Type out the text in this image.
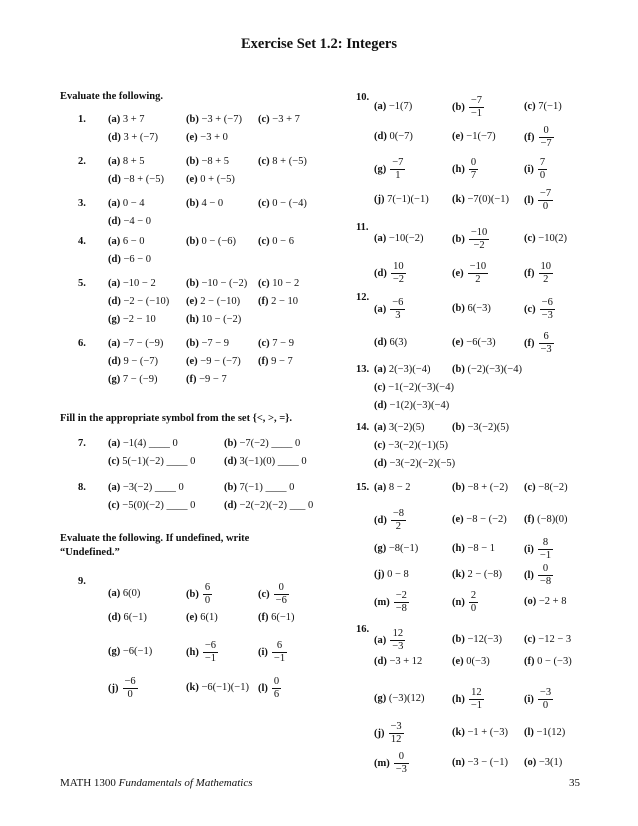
Exercise Set 1.2: Integers
Evaluate the following.
Fill in the appropriate symbol from the set {<, >, =}.
Evaluate the following. If undefined, write
“Undefined.”
1. (a) 3 + 7	(b) −3 + (−7) (c) −3 + 7
(d) 3 + (−7)	(e) −3 + 0
2. (a) 8 + 5	(b) −8 + 5	(c) 8 + (−5)
(d) −8 + (−5) (e) 0 + (−5)
3. (a) 0 − 4	(b) 4 − 0	(c) 0 − (−4)
(d) −4 − 0
4. (a) 6 − 0	(b) 0 − (−6) (c) 0 − 6
(d) −6 − 0
5. (a) −10 − 2	(b) −10 − (−2) (c) 10 − 2
(d) −2 − (−10) (e) 2 − (−10) (f) 2 − 10
(g) −2 − 10	(h) 10 − (−2)
6. (a) −7 − (−9) (b) −7 − 9	(c) 7 − 9
(d) 9 − (−7)	(e) −9 − (−7) (f) 9 − 7
(g) 7 − (−9)	(f) −9 − 7
7. (a) −1(4) ____ 0	(b) −7(−2) ____ 0
(c) 5(−1)(−2) ____ 0	(d) 3(−1)(0) ____ 0
8. (a) −3(−2) ____ 0	(b) 7(−1) ____ 0
(c) −5(0)(−2) ____ 0	(d) −2(−2)(−2) ___ 0
9.
(a) 6(0)	$(b) \frac{6}{0}$	$(c) \frac{0}{-6}$
(d) 6(−1)	(e) 6(1)	(f) 6(−1)
(g) −6(−1)	$(h) \frac{-6}{-1}$	$(i) \frac{6}{-1}$
$(j) \frac{-6}{0}$	(k) −6(−1)(−1) $(l) \frac{0}{6}$
10.
(a) −1(7)	$(b) \frac{-7}{-1}$	(c) 7(−1)
(d) 0(−7)	(e) −1(−7)	$(f) \frac{0}{-7}$
$(g) \frac{-7}{1}$	$(h) \frac{0}{7}$	$(i) \frac{7}{0}$
(j) 7(−1)(−1) (k) −7(0)(−1) $(l) \frac{-7}{0}$
11.
(a) −10(−2)	$(b) \frac{-10}{-2}$	(c) −10(2)
$(d) \frac{10}{-2}$	$(e) \frac{-10}{2}$	$(f) \frac{10}{2}$
12.
$(a) \frac{-6}{3}$	(b) 6(−3)	$(c) \frac{-6}{-3}$
(d) 6(3)	(e) −6(−3)	$(f) \frac{6}{-3}$
13. (a) 2(−3)(−4) (b) (−2)(−3)(−4)
(c) −1(−2)(−3)(−4)
(d) −1(2)(−3)(−4)
14. (a) 3(−2)(5)	(b) −3(−2)(5)
(c) −3(−2)(−1)(5)
(d) −3(−2)(−2)(−5)
15. (a) 8 − 2	(b) −8 + (−2) (c) −8(−2)
$(d) \frac{-8}{2}$	(e) −8 − (−2) (f) (−8)(0)
(g) −8(−1)	(h) −8 − 1	$(i) \frac{8}{-1}$
(j) 0 − 8	(k) 2 − (−8) $(l) \frac{0}{-8}$
$(m) \frac{-2}{-8}$	$(n) \frac{2}{0}$	(o) −2 + 8
16.
$(a) \frac{12}{-3}$	(b) −12(−3) (c) −12 − 3
(d) −3 + 12	(e) 0(−3)	(f) 0 − (−3)
(g) (−3)(12)	$(h) \frac{12}{-1}$	$(i) \frac{-3}{0}$
$(j) \frac{-3}{12}$	(k) −1 + (−3) (l) −1(12)
$(m) \frac{0}{-3}$	(n) −3 − (−1) (o) −3(1)
MATH 1300 Fundamentals of Mathematics	35
